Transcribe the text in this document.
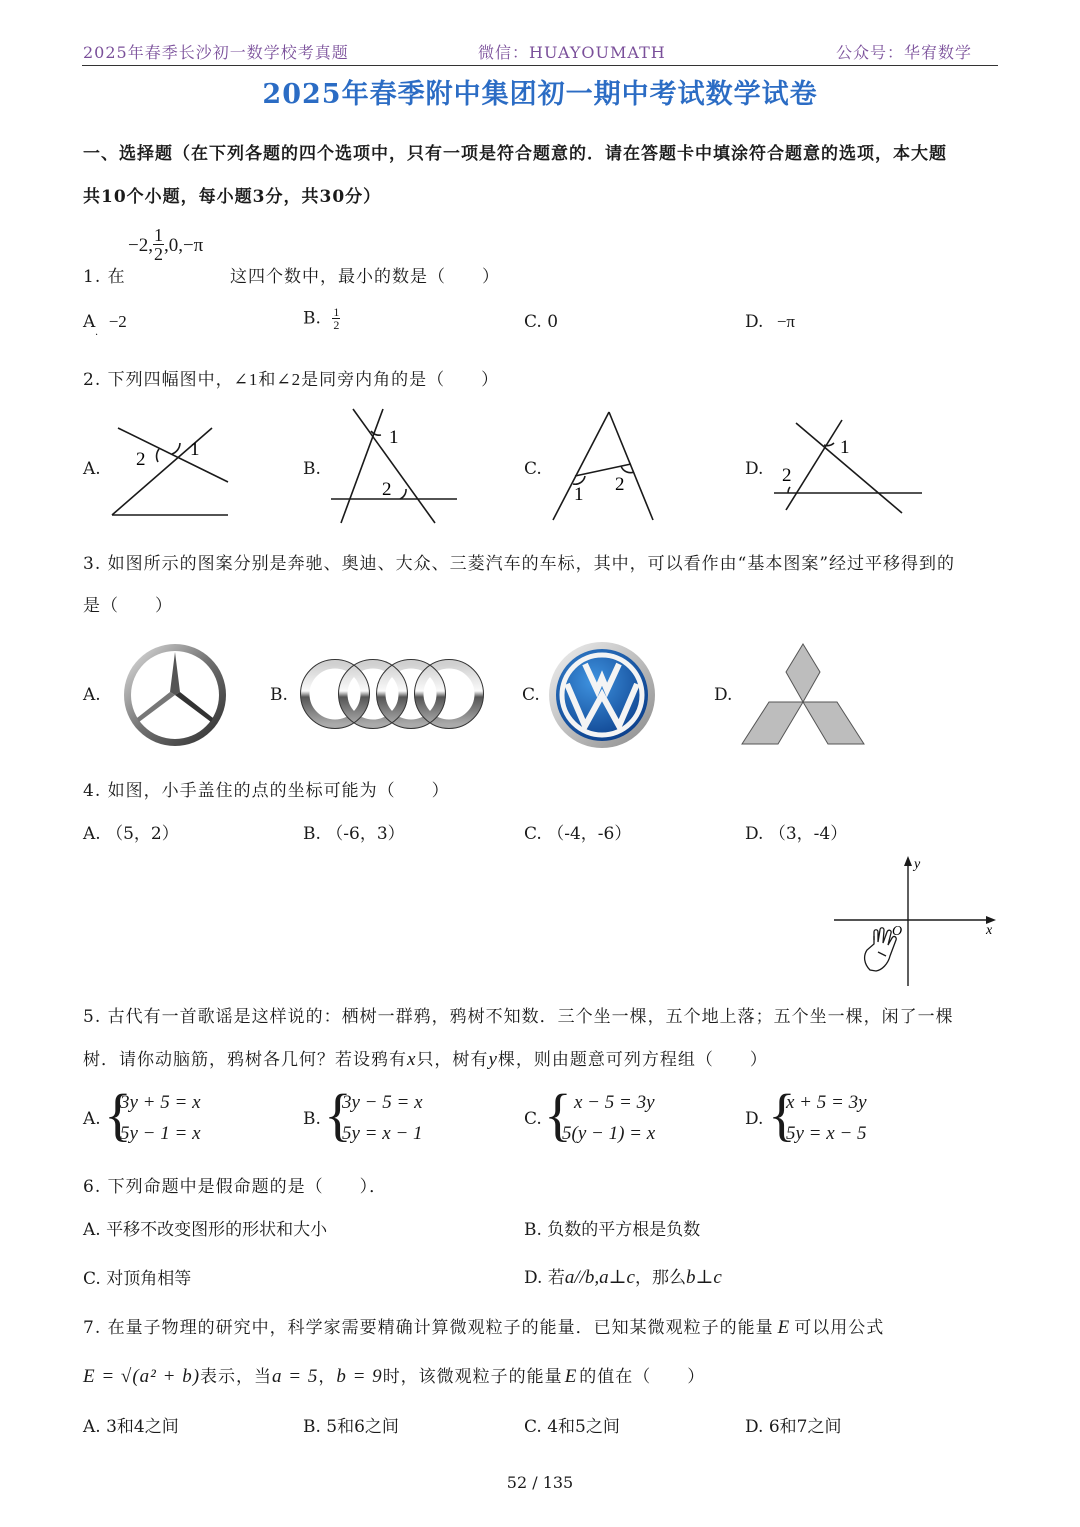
2025年春季长沙初一数学校考真题	微信：HUAYOUMATH	公众号：华宥数学
2025年春季附中集团初一期中考试数学试卷
一、选择题（在下列各题的四个选项中，只有一项是符合题意的．请在答题卡中填涂符合题意的选项，本大题
共10个小题，每小题3分，共30分）
1. 在
−2, $\frac{1}{2} ,0,-\pi$
这四个数中，最小的数是（　　）
A −2
·
B. $\frac{1}{2}$	C. 0	D. −π
2. 下列四幅图中，∠1和∠2是同旁内角的是（　　）
A.	B.	C.	D.
2 1
1
2	1 2
1
2
3. 如图所示的图案分别是奔驰、奥迪、大众、三菱汽车的车标，其中，可以看作由“基本图案”经过平移得到的
是（　　）
A.	B.	C.	D.
4. 如图，小手盖住的点的坐标可能为（　　）
A. （5，2）	B. （-6，3）	C. （-4，-6）	D. （3，-4）
y
x
O
5. 古代有一首歌谣是这样说的：栖树一群鸦，鸦树不知数．三个坐一棵，五个地上落；五个坐一棵，闲了一棵
树．请你动脑筋，鸦树各几何？若设鸦有x只，树有y棵，则由题意可列方程组（　　）
A. {
3y + 5 = x
5y − 1 = x
B. {
3y − 5 = x
5y = x − 1
C. { x − 5 = 3y
5(y − 1) = x
D. {
x + 5 = 3y
5y = x − 5
6. 下列命题中是假命题的是（　　）．
A. 平移不改变图形的形状和大小	B. 负数的平方根是负数
C. 对顶角相等	D. 若a//b,a⊥c，那么b⊥c
7. 在量子物理的研究中，科学家需要精确计算微观粒子的能量．已知某微观粒子的能量 E 可以用公式
E = √(a² + b)表示，当a = 5，b = 9时，该微观粒子的能量 E 的值在（　　）
A. 3和4之间	B. 5和6之间	C. 4和5之间	D. 6和7之间
52 / 135
